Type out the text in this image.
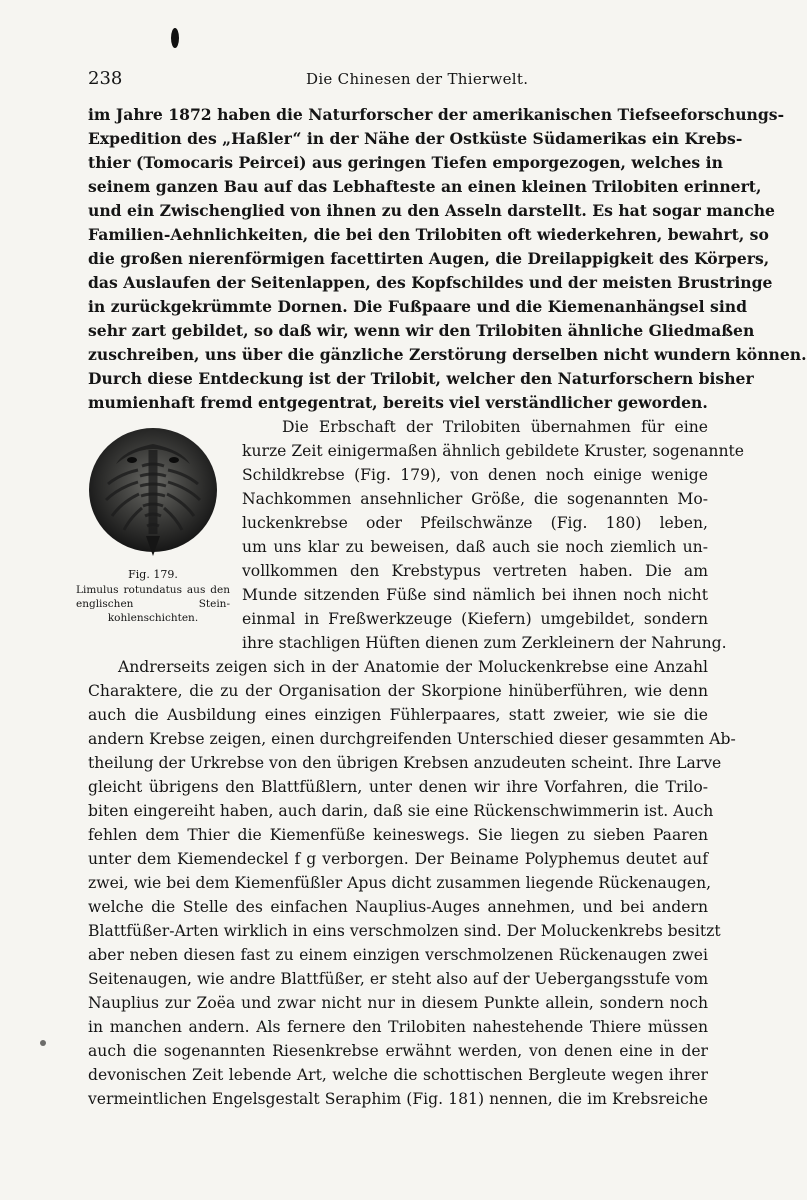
238	Die Chinesen der Thierwelt.
im Jahre 1872 haben die Naturforscher der amerikanischen Tiefseeforschungs-
Expedition des „Haßler“ in der Nähe der Ostküste Südamerikas ein Krebs-
thier (Tomocaris Peircei) aus geringen Tiefen emporgezogen, welches in
seinem ganzen Bau auf das Lebhafteste an einen kleinen Trilobiten erinnert,
und ein Zwischenglied von ihnen zu den Asseln darstellt. Es hat sogar manche
Familien-Aehnlichkeiten, die bei den Trilobiten oft wiederkehren, bewahrt, so
die großen nierenförmigen facettirten Augen, die Dreilappigkeit des Körpers,
das Auslaufen der Seitenlappen, des Kopfschildes und der meisten Brustringe
in zurückgekrümmte Dornen. Die Fußpaare und die Kiemenanhängsel sind
sehr zart gebildet, so daß wir, wenn wir den Trilobiten ähnliche Gliedmaßen
zuschreiben, uns über die gänzliche Zerstörung derselben nicht wundern können.
Durch diese Entdeckung ist der Trilobit, welcher den Naturforschern bisher
mumienhaft fremd entgegentrat, bereits viel verständlicher geworden.
Fig. 179.
Limulus rotundatus aus den englischen Stein-kohlenschichten.
Die Erbschaft der Trilobiten übernahmen für eine
kurze Zeit einigermaßen ähnlich gebildete Kruster, sogenannte
Schildkrebse (Fig. 179), von denen noch einige wenige
Nachkommen ansehnlicher Größe, die sogenannten Mo-
luckenkrebse oder Pfeilschwänze (Fig. 180) leben,
um uns klar zu beweisen, daß auch sie noch ziemlich un-
vollkommen den Krebstypus vertreten haben. Die am
Munde sitzenden Füße sind nämlich bei ihnen noch nicht
einmal in Freßwerkzeuge (Kiefern) umgebildet, sondern
ihre stachligen Hüften dienen zum Zerkleinern der Nahrung.
Andrerseits zeigen sich in der Anatomie der Moluckenkrebse eine Anzahl
Charaktere, die zu der Organisation der Skorpione hinüberführen, wie denn
auch die Ausbildung eines einzigen Fühlerpaares, statt zweier, wie sie die
andern Krebse zeigen, einen durchgreifenden Unterschied dieser gesammten Ab-
theilung der Urkrebse von den übrigen Krebsen anzudeuten scheint. Ihre Larve
gleicht übrigens den Blattfüßlern, unter denen wir ihre Vorfahren, die Trilo-
biten eingereiht haben, auch darin, daß sie eine Rückenschwimmerin ist. Auch
fehlen dem Thier die Kiemenfüße keineswegs. Sie liegen zu sieben Paaren
unter dem Kiemendeckel f g verborgen. Der Beiname Polyphemus deutet auf
zwei, wie bei dem Kiemenfüßler Apus dicht zusammen liegende Rückenaugen,
welche die Stelle des einfachen Nauplius-Auges annehmen, und bei andern
Blattfüßer-Arten wirklich in eins verschmolzen sind. Der Moluckenkrebs besitzt
aber neben diesen fast zu einem einzigen verschmolzenen Rückenaugen zwei
Seitenaugen, wie andre Blattfüßer, er steht also auf der Uebergangsstufe vom
Nauplius zur Zoëa und zwar nicht nur in diesem Punkte allein, sondern noch
in manchen andern. Als fernere den Trilobiten nahestehende Thiere müssen
auch die sogenannten Riesenkrebse erwähnt werden, von denen eine in der
devonischen Zeit lebende Art, welche die schottischen Bergleute wegen ihrer
vermeintlichen Engelsgestalt Seraphim (Fig. 181) nennen, die im Krebsreiche
